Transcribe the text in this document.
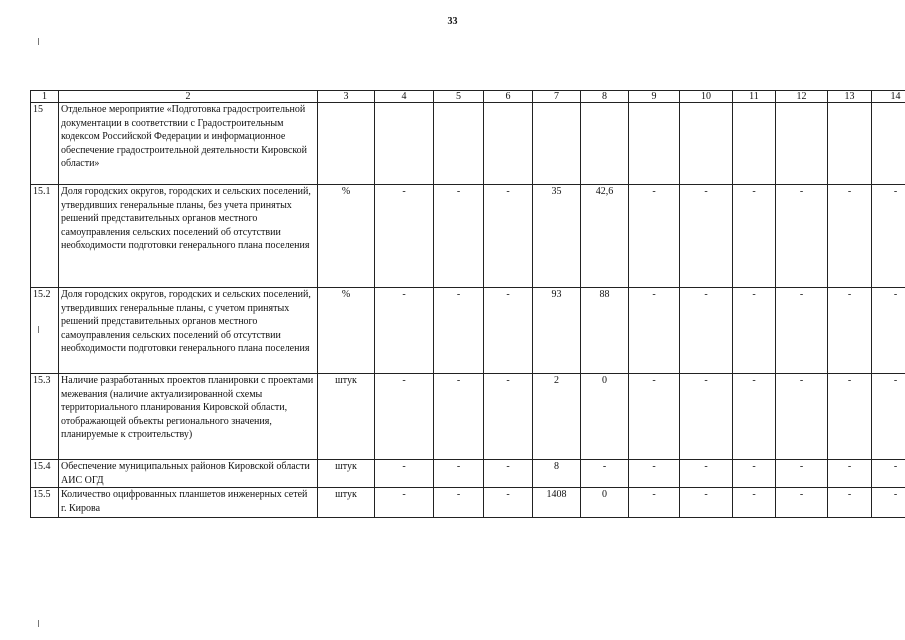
33
1	2	3	4	5	6	7	8	9	10	11	12	13	14
15	Отдельное мероприятие «Подготовка градостроительной документации в соответствии с Градостроительным кодексом Российской Федерации и информационное обеспечение градостроительной деятельности Кировской области»												
15.1	Доля городских округов, городских и сельских поселений, утвердивших генеральные планы, без учета принятых решений представительных органов местного самоуправления сельских поселений об отсутствии необходимости подготовки генерального плана поселения	%	-	-	-	35	42,6	-	-	-	-	-	-
15.2	Доля городских округов, городских и сельских поселений, утвердивших генеральные планы, с учетом принятых решений представительных органов местного самоуправления сельских поселений об отсутствии необходимости подготовки генерального плана поселения	%	-	-	-	93	88	-	-	-	-	-	-
15.3	Наличие разработанных проектов планировки с проектами межевания (наличие актуализированной схемы территориального планирования Кировской области, отображающей объекты регионального значения, планируемые к строительству)	штук	-	-	-	2	0	-	-	-	-	-	-
15.4	Обеспечение муниципальных районов Кировской области АИС ОГД	штук	-	-	-	8	-	-	-	-	-	-	-
15.5	Количество оцифрованных планшетов инженерных сетей г. Кирова	штук	-	-	-	1408	0	-	-	-	-	-	-
